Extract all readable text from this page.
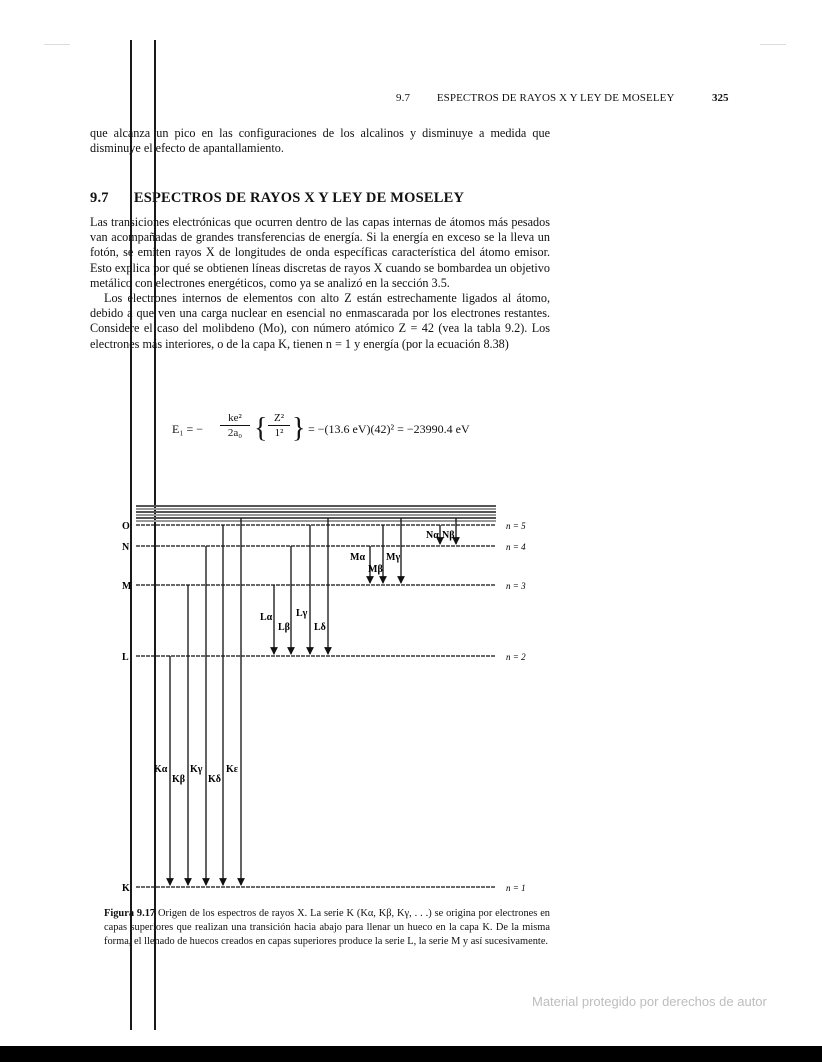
9.7 ESPECTROS DE RAYOS X Y LEY DE MOSELEY	325

que alcanza un pico en las configuraciones de los alcalinos y disminuye a medida que disminuye el efecto de apantallamiento.

9.7 ESPECTROS DE RAYOS X Y LEY DE MOSELEY

Las transiciones electrónicas que ocurren dentro de las capas internas de átomos más pesados van acompañadas de grandes transferencias de energía. Si la energía en exceso se la lleva un fotón, se emiten rayos X de longitudes de onda específicas característica del átomo emisor. Esto explica por qué se obtienen líneas discretas de rayos X cuando se bombardea un objetivo metálico con electrones energéticos, como ya se analizó en la sección 3.5.

Los electrones internos de elementos con alto Z están estrechamente ligados al átomo, debido a que ven una carga nuclear en esencial no enmascarada por los electrones restantes. Considere el caso del molibdeno (Mo), con número atómico Z = 42 (vea la tabla 9.2). Los electrones más interiores, o de la capa K, tienen n = 1 y energía (por la ecuación 8.38)

E₁ = −
ke²
2a₀ { Z²
1² } = −(13.6 eV)(42)² = −23990.4 eV
O	n = 5
N	n = 4
M	n = 3
L	n = 2
K	n = 1
Kα
Kβ
Kγ
Kδ
Kε
Lα
Lβ
Lγ
Lδ
Mα
Mβ
Mγ
Nα Nβ
Figura 9.17 Origen de los espectros de rayos X. La serie K (Kα, Kβ, Kγ, . . .) se origina por electrones en capas superiores que realizan una transición hacia abajo para llenar un hueco en la capa K. De la misma forma, el llenado de huecos creados en capas superiores produce la serie L, la serie M y así sucesivamente.
Material protegido por derechos de autor
